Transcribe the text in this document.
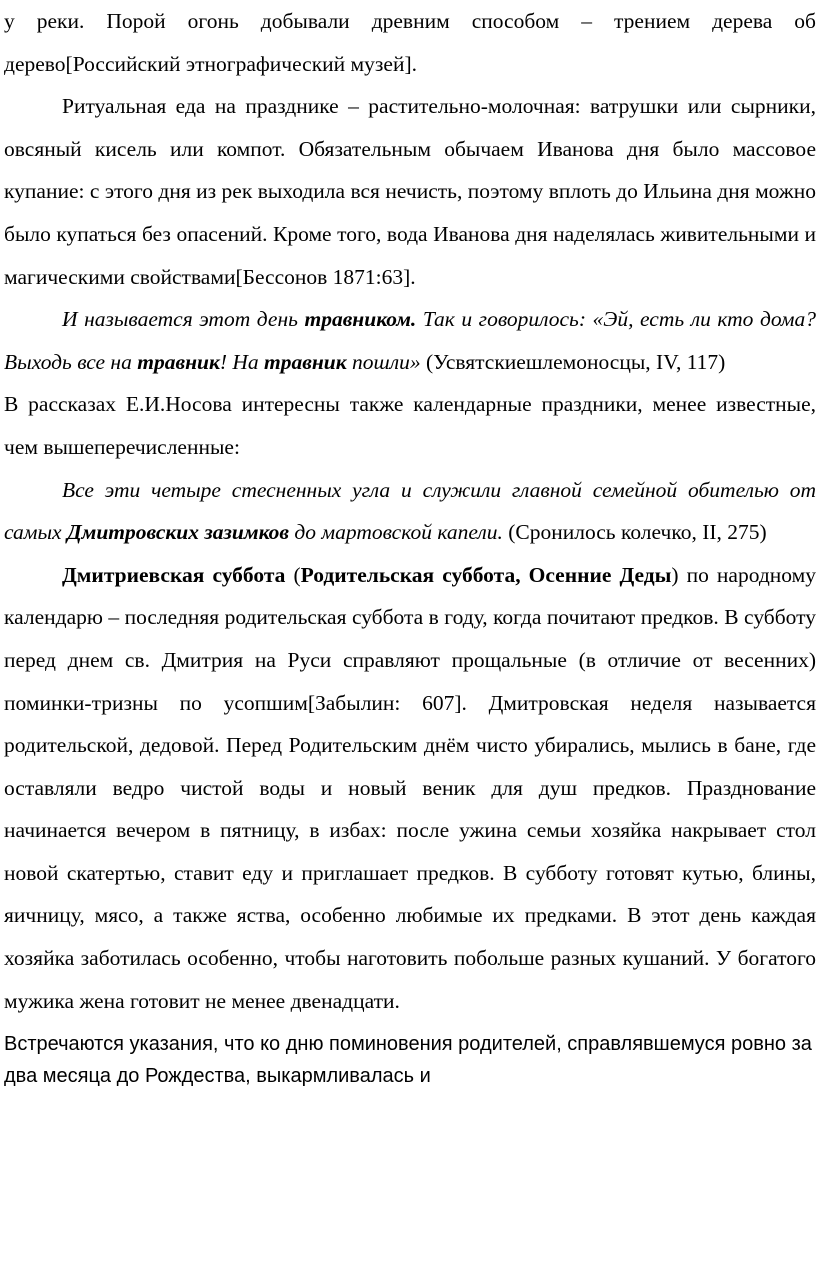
у реки. Порой огонь добывали древним способом – трением дерева об дерево[Российский этнографический музей].

Ритуальная еда на празднике – растительно-молочная: ватрушки или сырники, овсяный кисель или компот. Обязательным обычаем Иванова дня было массовое купание: с этого дня из рек выходила вся нечисть, поэтому вплоть до Ильина дня можно было купаться без опасений. Кроме того, вода Иванова дня наделялась живительными и магическими свойствами[Бессонов 1871:63].

И называется этот день травником. Так и говорилось: «Эй, есть ли кто дома? Выходь все на травник! На травник пошли» (Усвятскиешлемоносцы, IV, 117)

В рассказах Е.И.Носова интересны также календарные праздники, менее известные, чем вышеперечисленные:

Все эти четыре стесненных угла и служили главной семейной обителью от самых Дмитровских зазимков до мартовской капели. (Сронилось колечко, II, 275)

Дмитриевская суббота (Родительская суббота, Осенние Деды) по народному календарю – последняя родительская суббота в году, когда почитают предков. В субботу перед днем св. Дмитрия на Руси справляют прощальные (в отличие от весенних) поминки-тризны по усопшим[Забылин: 607]. Дмитровская неделя называется родительской, дедовой. Перед Родительским днём чисто убирались, мылись в бане, где оставляли ведро чистой воды и новый веник для душ предков. Празднование начинается вечером в пятницу, в избах: после ужина семьи хозяйка накрывает стол новой скатертью, ставит еду и приглашает предков. В субботу готовят кутью, блины, яичницу, мясо, а также яства, особенно любимые их предками. В этот день каждая хозяйка заботилась особенно, чтобы наготовить побольше разных кушаний. У богатого мужика жена готовит не менее двенадцати.

Встречаются указания, что ко дню поминовения родителей, справлявшемуся ровно за два месяца до Рождества, выкармливалась и
